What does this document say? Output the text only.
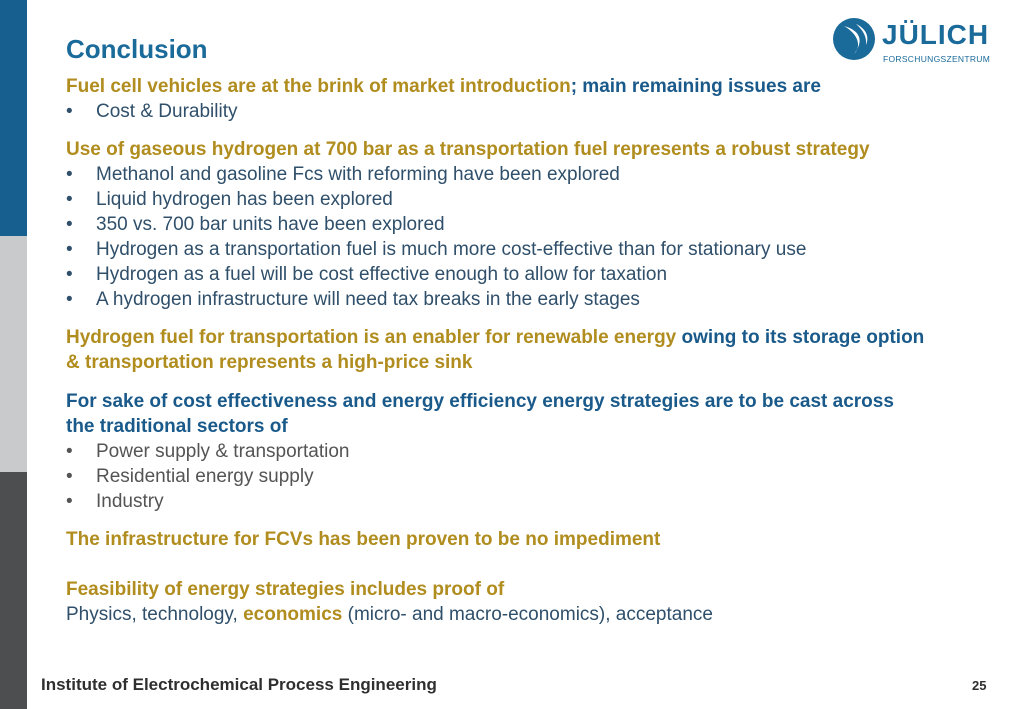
Conclusion	JÜLICH
FORSCHUNGSZENTRUM
Fuel cell vehicles are at the brink of market introduction; main remaining issues are
• Cost & Durability
Use of gaseous hydrogen at 700 bar as a transportation fuel represents a robust strategy
• Methanol and gasoline Fcs with reforming have been explored
• Liquid hydrogen has been explored
• 350 vs. 700 bar units have been explored
• Hydrogen as a transportation fuel is much more cost-effective than for stationary use
• Hydrogen as a fuel will be cost effective enough to allow for taxation
• A hydrogen infrastructure will need tax breaks in the early stages
Hydrogen fuel for transportation is an enabler for renewable energy owing to its storage option
& transportation represents a high-price sink
For sake of cost effectiveness and energy efficiency energy strategies are to be cast across
the traditional sectors of
• Power supply & transportation
• Residential energy supply
• Industry
The infrastructure for FCVs has been proven to be no impediment
Feasibility of energy strategies includes proof of
Physics, technology, economics (micro- and macro-economics), acceptance
Institute of Electrochemical Process Engineering	25
